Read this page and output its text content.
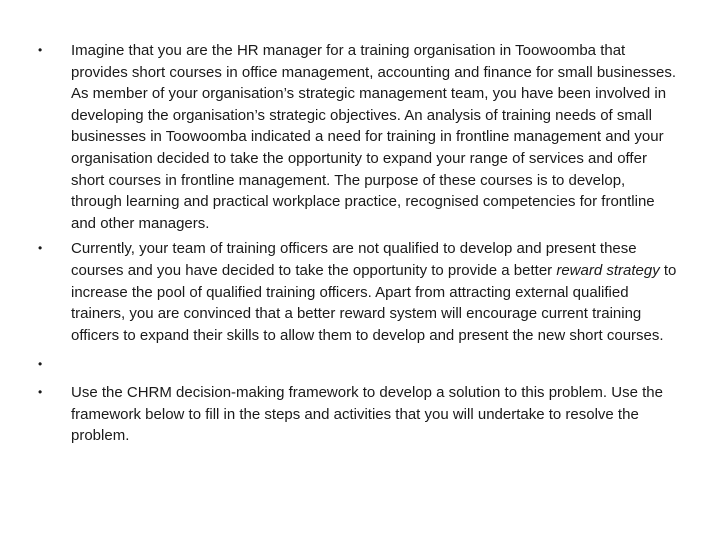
•	Imagine that you are the HR manager for a training organisation in Toowoomba that provides short courses in office management, accounting and finance for small businesses. As member of your organisation’s strategic management team, you have been involved in developing the organisation’s strategic objectives. An analysis of training needs of small businesses in Toowoomba indicated a need for training in frontline management and your organisation decided to take the opportunity to expand your range of services and offer short courses in frontline management. The purpose of these courses is to develop, through learning and practical workplace practice, recognised competencies for frontline and other managers.
•	Currently, your team of training officers are not qualified to develop and present these courses and you have decided to take the opportunity to provide a better reward strategy to increase the pool of qualified training officers. Apart from attracting external qualified trainers, you are convinced that a better reward system will encourage current training officers to expand their skills to allow them to develop and present the new short courses.
•
•	Use the CHRM decision-making framework to develop a solution to this problem. Use the framework below to fill in the steps and activities that you will undertake to resolve the problem.
